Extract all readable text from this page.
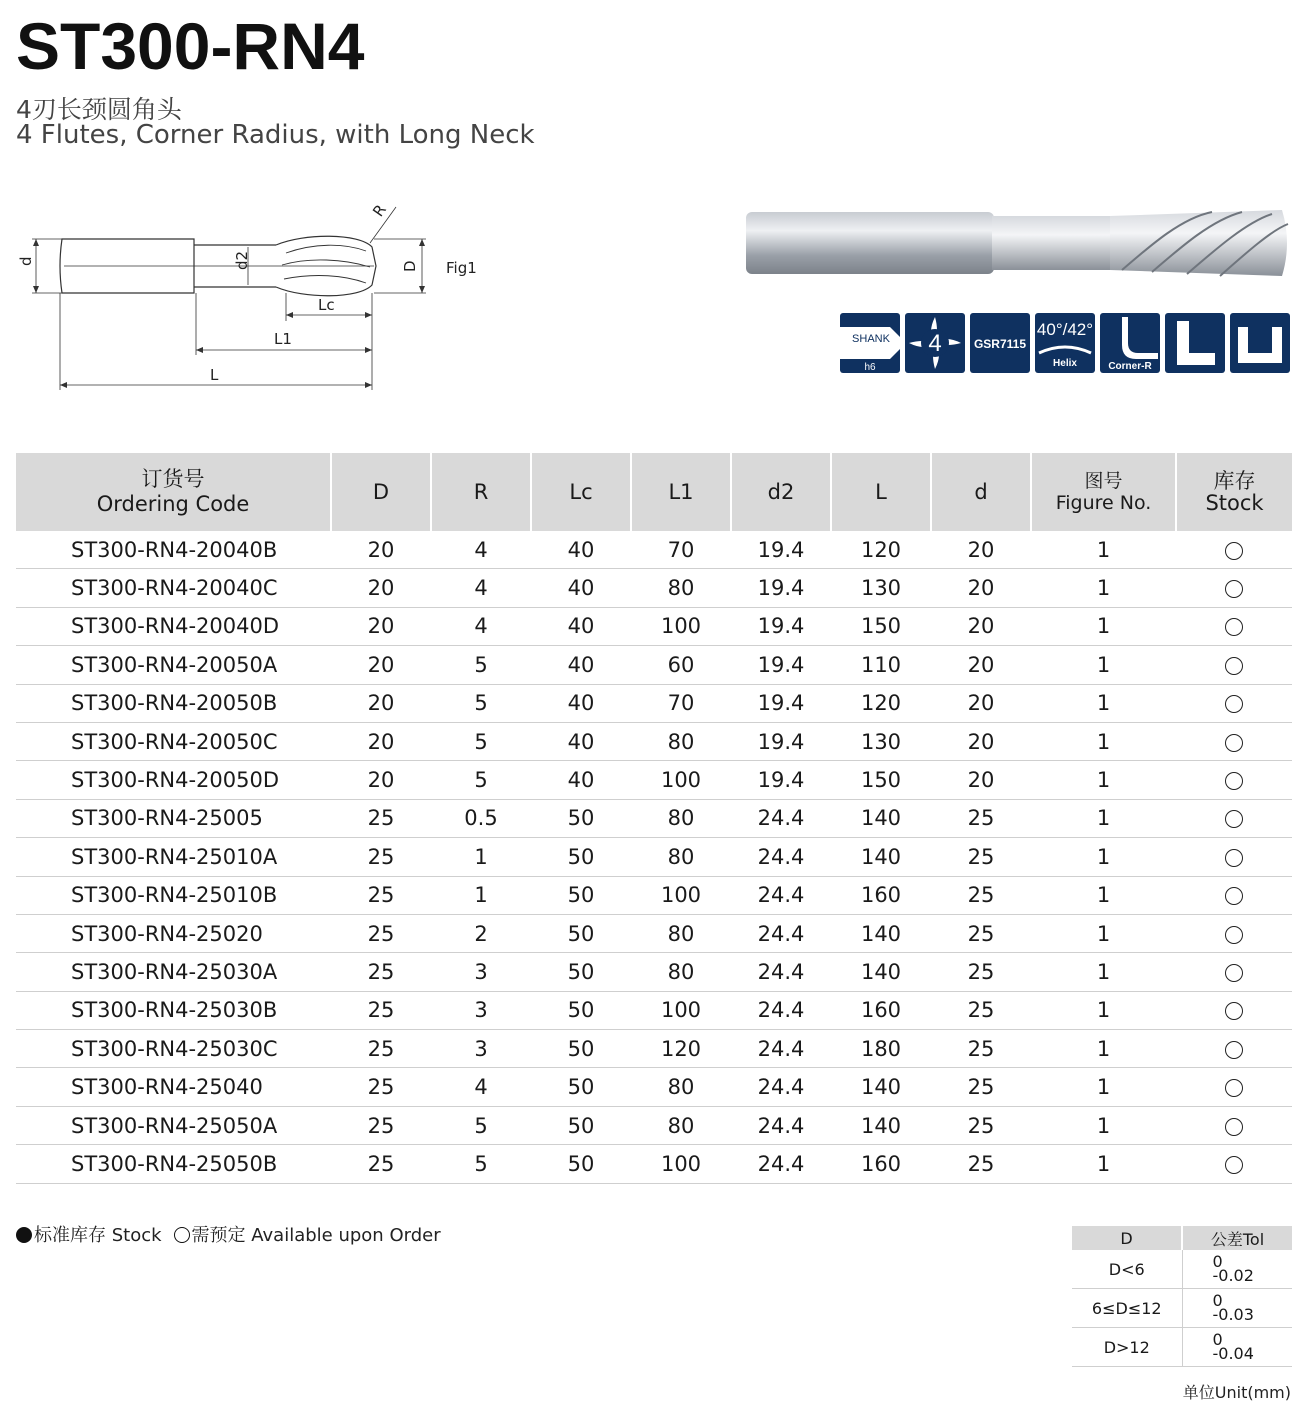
ST300-RN4
4刃长颈圆角头
4 Flutes, Corner Radius, with Long Neck
d	d2	D
R
Lc
L1
L
Fig1
SHANK
h6
4	GSR7115
40°/42°
Helix	Corner-R
订货号
Ordering Code	D	R	Lc	L1	d2	L	d	图号
Figure No.	库存
Stock
ST300-RN4-20040B	20	4	40	70	19.4	120	20	1	
ST300-RN4-20040C	20	4	40	80	19.4	130	20	1	
ST300-RN4-20040D	20	4	40	100	19.4	150	20	1	
ST300-RN4-20050A	20	5	40	60	19.4	110	20	1	
ST300-RN4-20050B	20	5	40	70	19.4	120	20	1	
ST300-RN4-20050C	20	5	40	80	19.4	130	20	1	
ST300-RN4-20050D	20	5	40	100	19.4	150	20	1	
ST300-RN4-25005	25	0.5	50	80	24.4	140	25	1	
ST300-RN4-25010A	25	1	50	80	24.4	140	25	1	
ST300-RN4-25010B	25	1	50	100	24.4	160	25	1	
ST300-RN4-25020	25	2	50	80	24.4	140	25	1	
ST300-RN4-25030A	25	3	50	80	24.4	140	25	1	
ST300-RN4-25030B	25	3	50	100	24.4	160	25	1	
ST300-RN4-25030C	25	3	50	120	24.4	180	25	1	
ST300-RN4-25040	25	4	50	80	24.4	140	25	1	
ST300-RN4-25050A	25	5	50	80	24.4	140	25	1	
ST300-RN4-25050B	25	5	50	100	24.4	160	25	1	
标准库存 Stock 需预定 Available upon Order	D	公差Tol
D<6	0
-0.02
6≤D≤12	0
-0.03
D>12	0
-0.04
单位Unit(mm)
